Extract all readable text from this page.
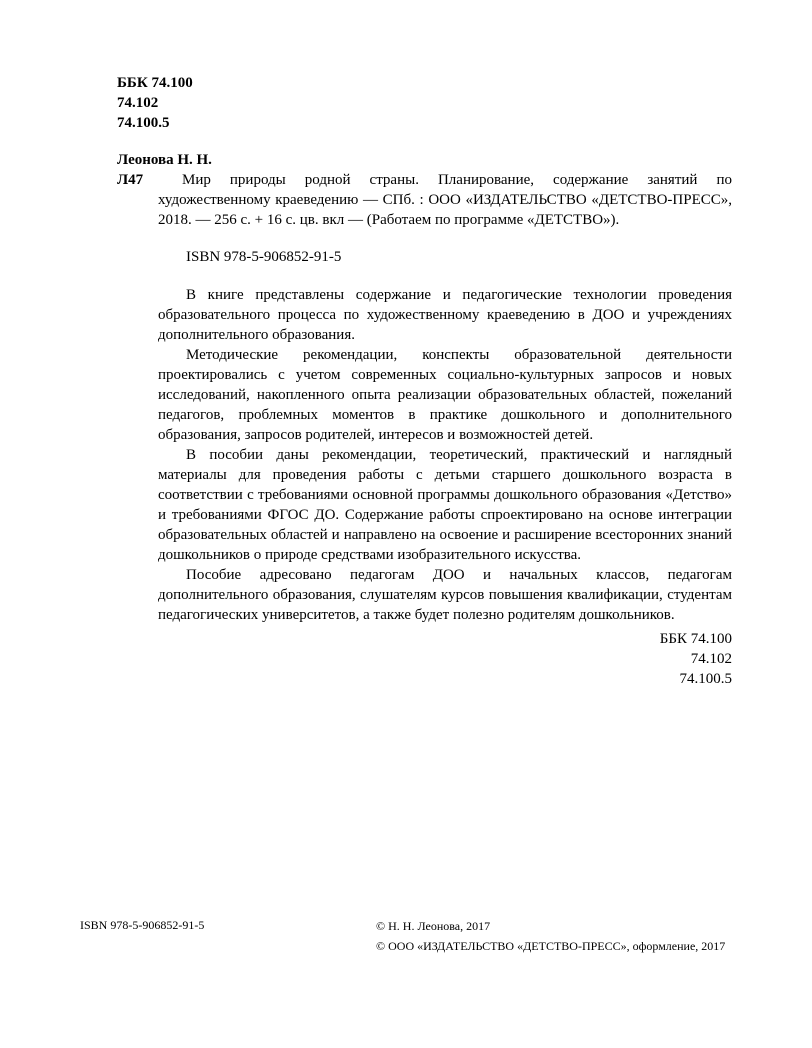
ББК 74.100
74.102
74.100.5
Леонова Н. Н.
Л47	Мир природы родной страны. Планирование, содержание занятий по художественному краеведению — СПб. : ООО «ИЗДАТЕЛЬСТВО «ДЕТСТВО-ПРЕСС», 2018. — 256 с. + 16 с. цв. вкл — (Работаем по программе «ДЕТСТВО»).

ISBN 978-5-906852-91-5

В книге представлены содержание и педагогические технологии проведения образовательного процесса по художественному краеведению в ДОО и учреждениях дополнительного образования.

Методические рекомендации, конспекты образовательной деятельности проектировались с учетом современных социально-культурных запросов и новых исследований, накопленного опыта реализации образовательных областей, пожеланий педагогов, проблемных моментов в практике дошкольного и дополнительного образования, запросов родителей, интересов и возможностей детей.

В пособии даны рекомендации, теоретический, практический и наглядный материалы для проведения работы с детьми старшего дошкольного возраста в соответствии с требованиями основной программы дошкольного образования «Детство» и требованиями ФГОС ДО. Содержание работы спроектировано на основе интеграции образовательных областей и направлено на освоение и расширение всесторонних знаний дошкольников о природе средствами изобразительного искусства.

Пособие адресовано педагогам ДОО и начальных классов, педагогам дополнительного образования, слушателям курсов повышения квалификации, студентам педагогических университетов, а также будет полезно родителям дошкольников.

ББК 74.100
74.102
74.100.5
ISBN 978-5-906852-91-5	© Н. Н. Леонова, 2017
© ООО «ИЗДАТЕЛЬСТВО «ДЕТСТВО-ПРЕСС», оформление, 2017
